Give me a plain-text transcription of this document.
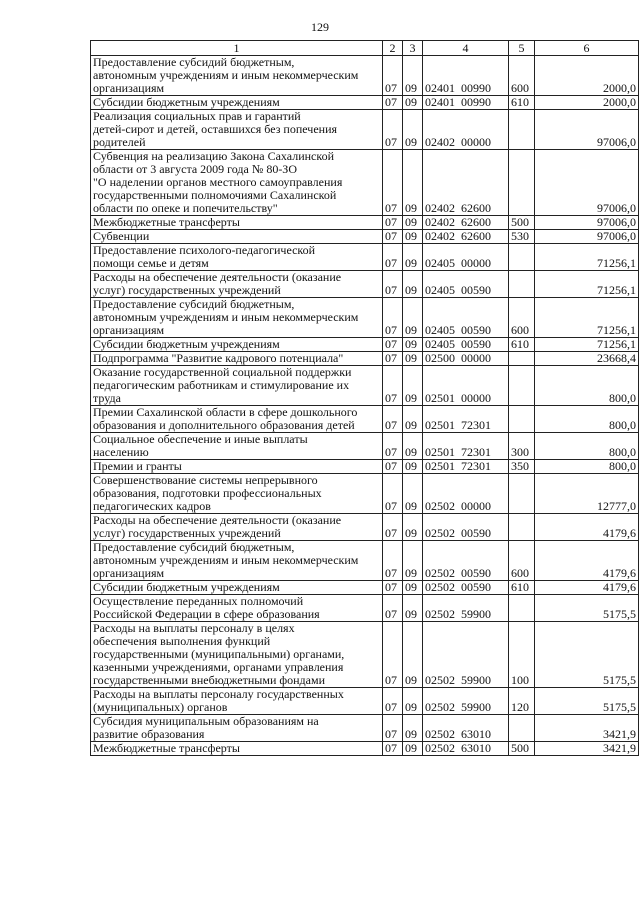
129
1	2	3	4	5	6
Предоставление субсидий бюджетным,
автономным учреждениям и иным некоммерческим
организациям	07	09	02401  00990	600	2000,0
Субсидии бюджетным учреждениям	07	09	02401  00990	610	2000,0
Реализация социальных прав и гарантий
детей-сирот и детей, оставшихся без попечения
родителей	07	09	02402  00000		97006,0
Субвенция на реализацию Закона Сахалинской
области от 3 августа 2009 года № 80-ЗО
"О наделении органов местного самоуправления
государственными полномочиями Сахалинской
области по опеке и попечительству"	07	09	02402  62600		97006,0
Межбюджетные трансферты	07	09	02402  62600	500	97006,0
Субвенции	07	09	02402  62600	530	97006,0
Предоставление психолого-педагогической
помощи семье и детям	07	09	02405  00000		71256,1
Расходы на обеспечение деятельности (оказание
услуг) государственных учреждений	07	09	02405  00590		71256,1
Предоставление субсидий бюджетным,
автономным учреждениям и иным некоммерческим
организациям	07	09	02405  00590	600	71256,1
Субсидии бюджетным учреждениям	07	09	02405  00590	610	71256,1
Подпрограмма "Развитие кадрового потенциала"	07	09	02500  00000		23668,4
Оказание государственной социальной поддержки
педагогическим работникам и стимулирование их
труда	07	09	02501  00000		800,0
Премии Сахалинской области в сфере дошкольного
образования и дополнительного образования детей	07	09	02501  72301		800,0
Социальное обеспечение и иные выплаты
населению	07	09	02501  72301	300	800,0
Премии и гранты	07	09	02501  72301	350	800,0
Совершенствование системы непрерывного
образования, подготовки профессиональных
педагогических кадров	07	09	02502  00000		12777,0
Расходы на обеспечение деятельности (оказание
услуг) государственных учреждений	07	09	02502  00590		4179,6
Предоставление субсидий бюджетным,
автономным учреждениям и иным некоммерческим
организациям	07	09	02502  00590	600	4179,6
Субсидии бюджетным учреждениям	07	09	02502  00590	610	4179,6
Осуществление переданных полномочий
Российской Федерации в сфере образования	07	09	02502  59900		5175,5
Расходы на выплаты персоналу в целях
обеспечения выполнения функций
государственными (муниципальными) органами,
казенными учреждениями, органами управления
государственными внебюджетными фондами	07	09	02502  59900	100	5175,5
Расходы на выплаты персоналу государственных
(муниципальных) органов	07	09	02502  59900	120	5175,5
Субсидия муниципальным образованиям на
развитие образования	07	09	02502  63010		3421,9
Межбюджетные трансферты	07	09	02502  63010	500	3421,9
